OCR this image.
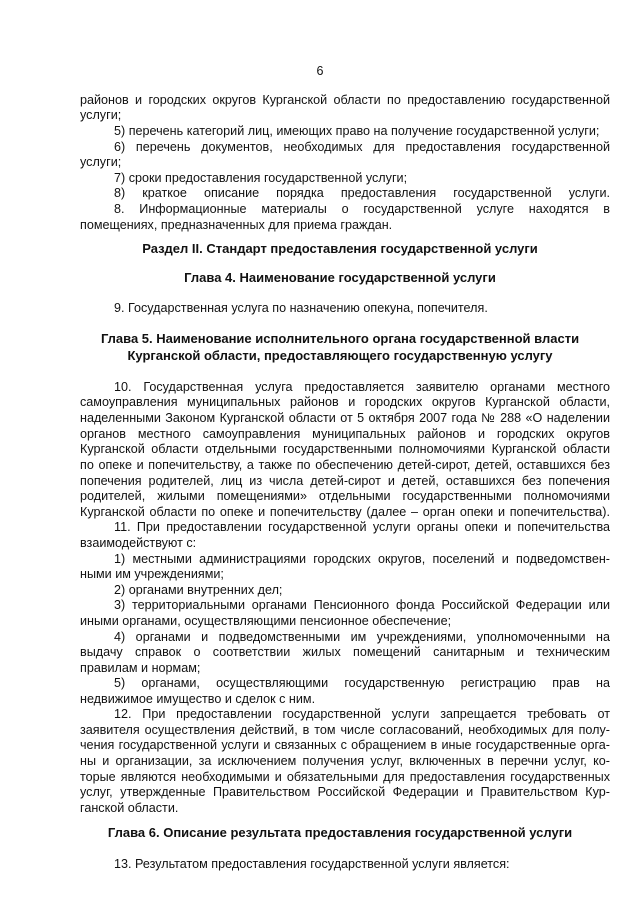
6
районов и городских округов Курганской области по предоставлению государственной
услуги;
5) перечень категорий лиц, имеющих право на получение государственной услуги;
6) перечень документов, необходимых для предоставления государственной
услуги;
7) сроки предоставления государственной услуги;
8) краткое описание порядка предоставления государственной услуги.
8. Информационные материалы о государственной услуге находятся в
помещениях, предназначенных для приема граждан.
Раздел II. Стандарт предоставления государственной услуги
Глава 4. Наименование государственной услуги
9. Государственная услуга по назначению опекуна, попечителя.
Глава 5. Наименование исполнительного органа государственной власти
Курганской области, предоставляющего государственную услугу
10. Государственная услуга предоставляется заявителю органами местного
самоуправления муниципальных районов и городских округов Курганской области,
наделенными Законом Курганской области от 5 октября 2007 года № 288 «О наделении
органов местного самоуправления муниципальных районов и городских округов
Курганской области отдельными государственными полномочиями Курганской области
по опеке и попечительству, а также по обеспечению детей-сирот, детей, оставшихся без
попечения родителей, лиц из числа детей-сирот и детей, оставшихся без попечения
родителей, жилыми помещениями» отдельными государственными полномочиями
Курганской области по опеке и попечительству (далее – орган опеки и попечительства).
11. При предоставлении государственной услуги органы опеки и попечительства
взаимодействуют с:
1) местными администрациями городских округов, поселений и подведомствен-
ными им учреждениями;
2) органами внутренних дел;
3) территориальными органами Пенсионного фонда Российской Федерации или
иными органами, осуществляющими пенсионное обеспечение;
4) органами и подведомственными им учреждениями, уполномоченными на
выдачу справок о соответствии жилых помещений санитарным и техническим
правилам и нормам;
5) органами, осуществляющими государственную регистрацию прав на
недвижимое имущество и сделок с ним.
12. При предоставлении государственной услуги запрещается требовать от
заявителя осуществления действий, в том числе согласований, необходимых для полу-
чения государственной услуги и связанных с обращением в иные государственные орга-
ны и организации, за исключением получения услуг, включенных в перечни услуг, ко-
торые являются необходимыми и обязательными для предоставления государственных
услуг, утвержденные Правительством Российской Федерации и Правительством Кур-
ганской области.
Глава 6. Описание результата предоставления государственной услуги
13. Результатом предоставления государственной услуги является:
